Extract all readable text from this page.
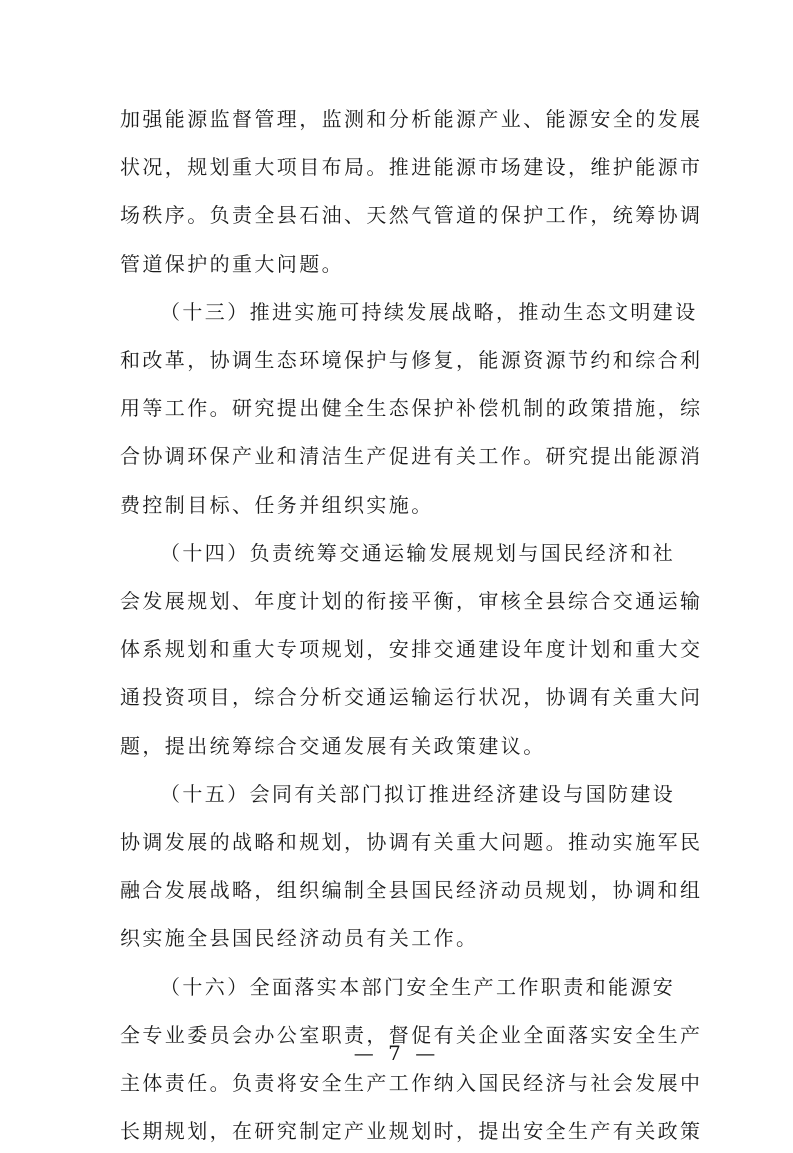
加强能源监督管理，监测和分析能源产业、能源安全的发展
状况，规划重大项目布局。推进能源市场建设，维护能源市
场秩序。负责全县石油、天然气管道的保护工作，统筹协调
管道保护的重大问题。
（十三）推进实施可持续发展战略，推动生态文明建设
和改革，协调生态环境保护与修复，能源资源节约和综合利
用等工作。研究提出健全生态保护补偿机制的政策措施，综
合协调环保产业和清洁生产促进有关工作。研究提出能源消
费控制目标、任务并组织实施。
（十四）负责统筹交通运输发展规划与国民经济和社
会发展规划、年度计划的衔接平衡，审核全县综合交通运输
体系规划和重大专项规划，安排交通建设年度计划和重大交
通投资项目，综合分析交通运输运行状况，协调有关重大问
题，提出统筹综合交通发展有关政策建议。
（十五）会同有关部门拟订推进经济建设与国防建设
协调发展的战略和规划，协调有关重大问题。推动实施军民
融合发展战略，组织编制全县国民经济动员规划，协调和组
织实施全县国民经济动员有关工作。
（十六）全面落实本部门安全生产工作职责和能源安
全专业委员会办公室职责，督促有关企业全面落实安全生产
主体责任。负责将安全生产工作纳入国民经济与社会发展中
长期规划，在研究制定产业规划时，提出安全生产有关政策
— 7 —
